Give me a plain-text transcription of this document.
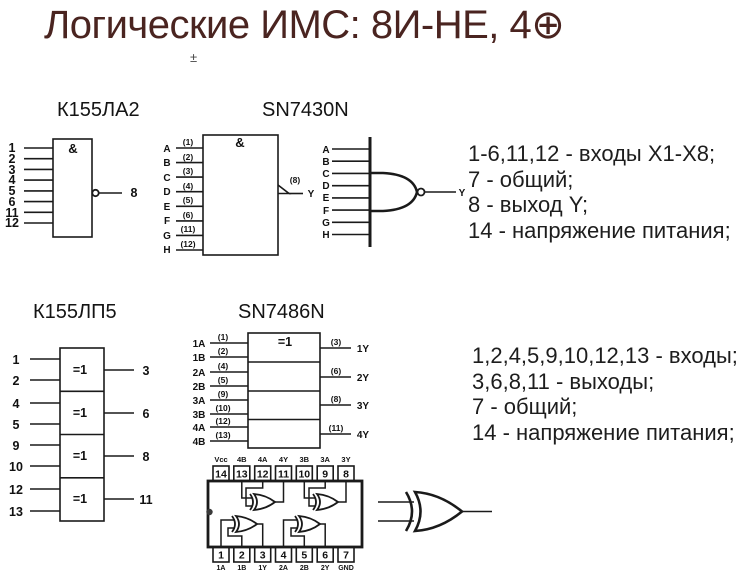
Логические ИМС: 8И-НЕ, 4⊕
±
К155ЛА2	SN7430N
К155ЛП5	SN7486N
&
1
2
3
4
5
6
11
12
8
&
A
B
C
D
E
F
G
H
(1)
(2)
(3)
(4)
(5)
(6)
(11)
(12)
(8)
Y
A
B
C
D
E
F
G
H
Y
1-6,11,12 - входы Х1-Х8;
7 - общий;
8 - выход Y;
14 - напряжение питания;
=1
=1
=1
=1
1
2
4
5
9
10
12
13
3
6
8
11
=1
1A
1B
2A
2B
3A
3B
4A
4B
(1)
(2)
(4)
(5)
(9)
(10)
(12)
(13)
(3)
(6)
(8)
(11)
1Y
2Y
3Y
4Y
1,2,4,5,9,10,12,13 - входы;
3,6,8,11 - выходы;
7 - общий;
14 - напряжение питания;
Vcc 4B 4A 4Y 3B 3A 3Y
14 13 12 11 10 9 8
1 2 3 4 5 6 7
1A 1B 1Y 2A 2B 2Y GND
